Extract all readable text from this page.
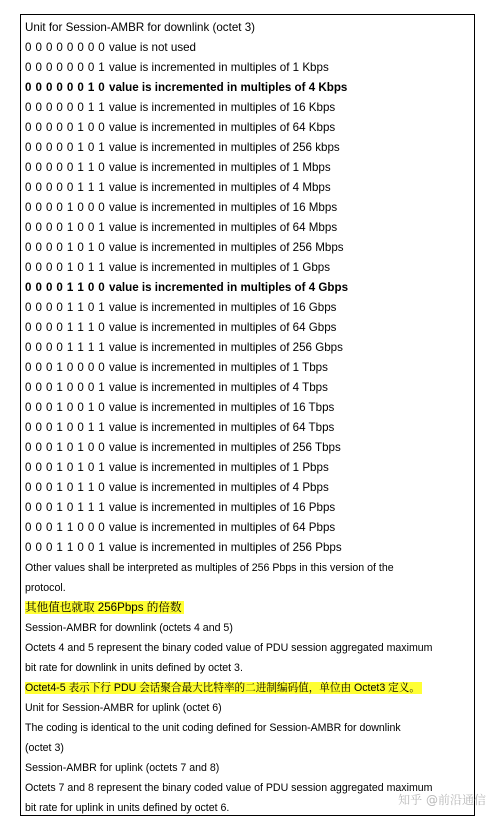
Unit for Session-AMBR for downlink (octet 3)
0 0 0 0 0 0 0 0 value is not used
0 0 0 0 0 0 0 1 value is incremented in multiples of 1 Kbps
0 0 0 0 0 0 1 0 value is incremented in multiples of 4 Kbps
0 0 0 0 0 0 1 1 value is incremented in multiples of 16 Kbps
0 0 0 0 0 1 0 0 value is incremented in multiples of 64 Kbps
0 0 0 0 0 1 0 1 value is incremented in multiples of 256 kbps
0 0 0 0 0 1 1 0 value is incremented in multiples of 1 Mbps
0 0 0 0 0 1 1 1 value is incremented in multiples of 4 Mbps
0 0 0 0 1 0 0 0 value is incremented in multiples of 16 Mbps
0 0 0 0 1 0 0 1 value is incremented in multiples of 64 Mbps
0 0 0 0 1 0 1 0 value is incremented in multiples of 256 Mbps
0 0 0 0 1 0 1 1 value is incremented in multiples of 1 Gbps
0 0 0 0 1 1 0 0 value is incremented in multiples of 4 Gbps
0 0 0 0 1 1 0 1 value is incremented in multiples of 16 Gbps
0 0 0 0 1 1 1 0 value is incremented in multiples of 64 Gbps
0 0 0 0 1 1 1 1 value is incremented in multiples of 256 Gbps
0 0 0 1 0 0 0 0 value is incremented in multiples of 1 Tbps
0 0 0 1 0 0 0 1 value is incremented in multiples of 4 Tbps
0 0 0 1 0 0 1 0 value is incremented in multiples of 16 Tbps
0 0 0 1 0 0 1 1 value is incremented in multiples of 64 Tbps
0 0 0 1 0 1 0 0 value is incremented in multiples of 256 Tbps
0 0 0 1 0 1 0 1 value is incremented in multiples of 1 Pbps
0 0 0 1 0 1 1 0 value is incremented in multiples of 4 Pbps
0 0 0 1 0 1 1 1 value is incremented in multiples of 16 Pbps
0 0 0 1 1 0 0 0 value is incremented in multiples of 64 Pbps
0 0 0 1 1 0 0 1 value is incremented in multiples of 256 Pbps
Other values shall be interpreted as multiples of 256 Pbps in this version of the
protocol.
其他值也就取 256Pbps 的倍数
Session-AMBR for downlink (octets 4 and 5)
Octets 4 and 5 represent the binary coded value of PDU session aggregated maximum
bit rate for downlink in units defined by octet 3.
Octet4-5 表示下行 PDU 会话聚合最大比特率的二进制编码值，单位由 Octet3 定义。
Unit for Session-AMBR for uplink (octet 6)
The coding is identical to the unit coding defined for Session-AMBR for downlink
(octet 3)
Session-AMBR for uplink (octets 7 and 8)
Octets 7 and 8 represent the binary coded value of PDU session aggregated maximum
bit rate for uplink in units defined by octet 6.
知乎 @前沿通信
